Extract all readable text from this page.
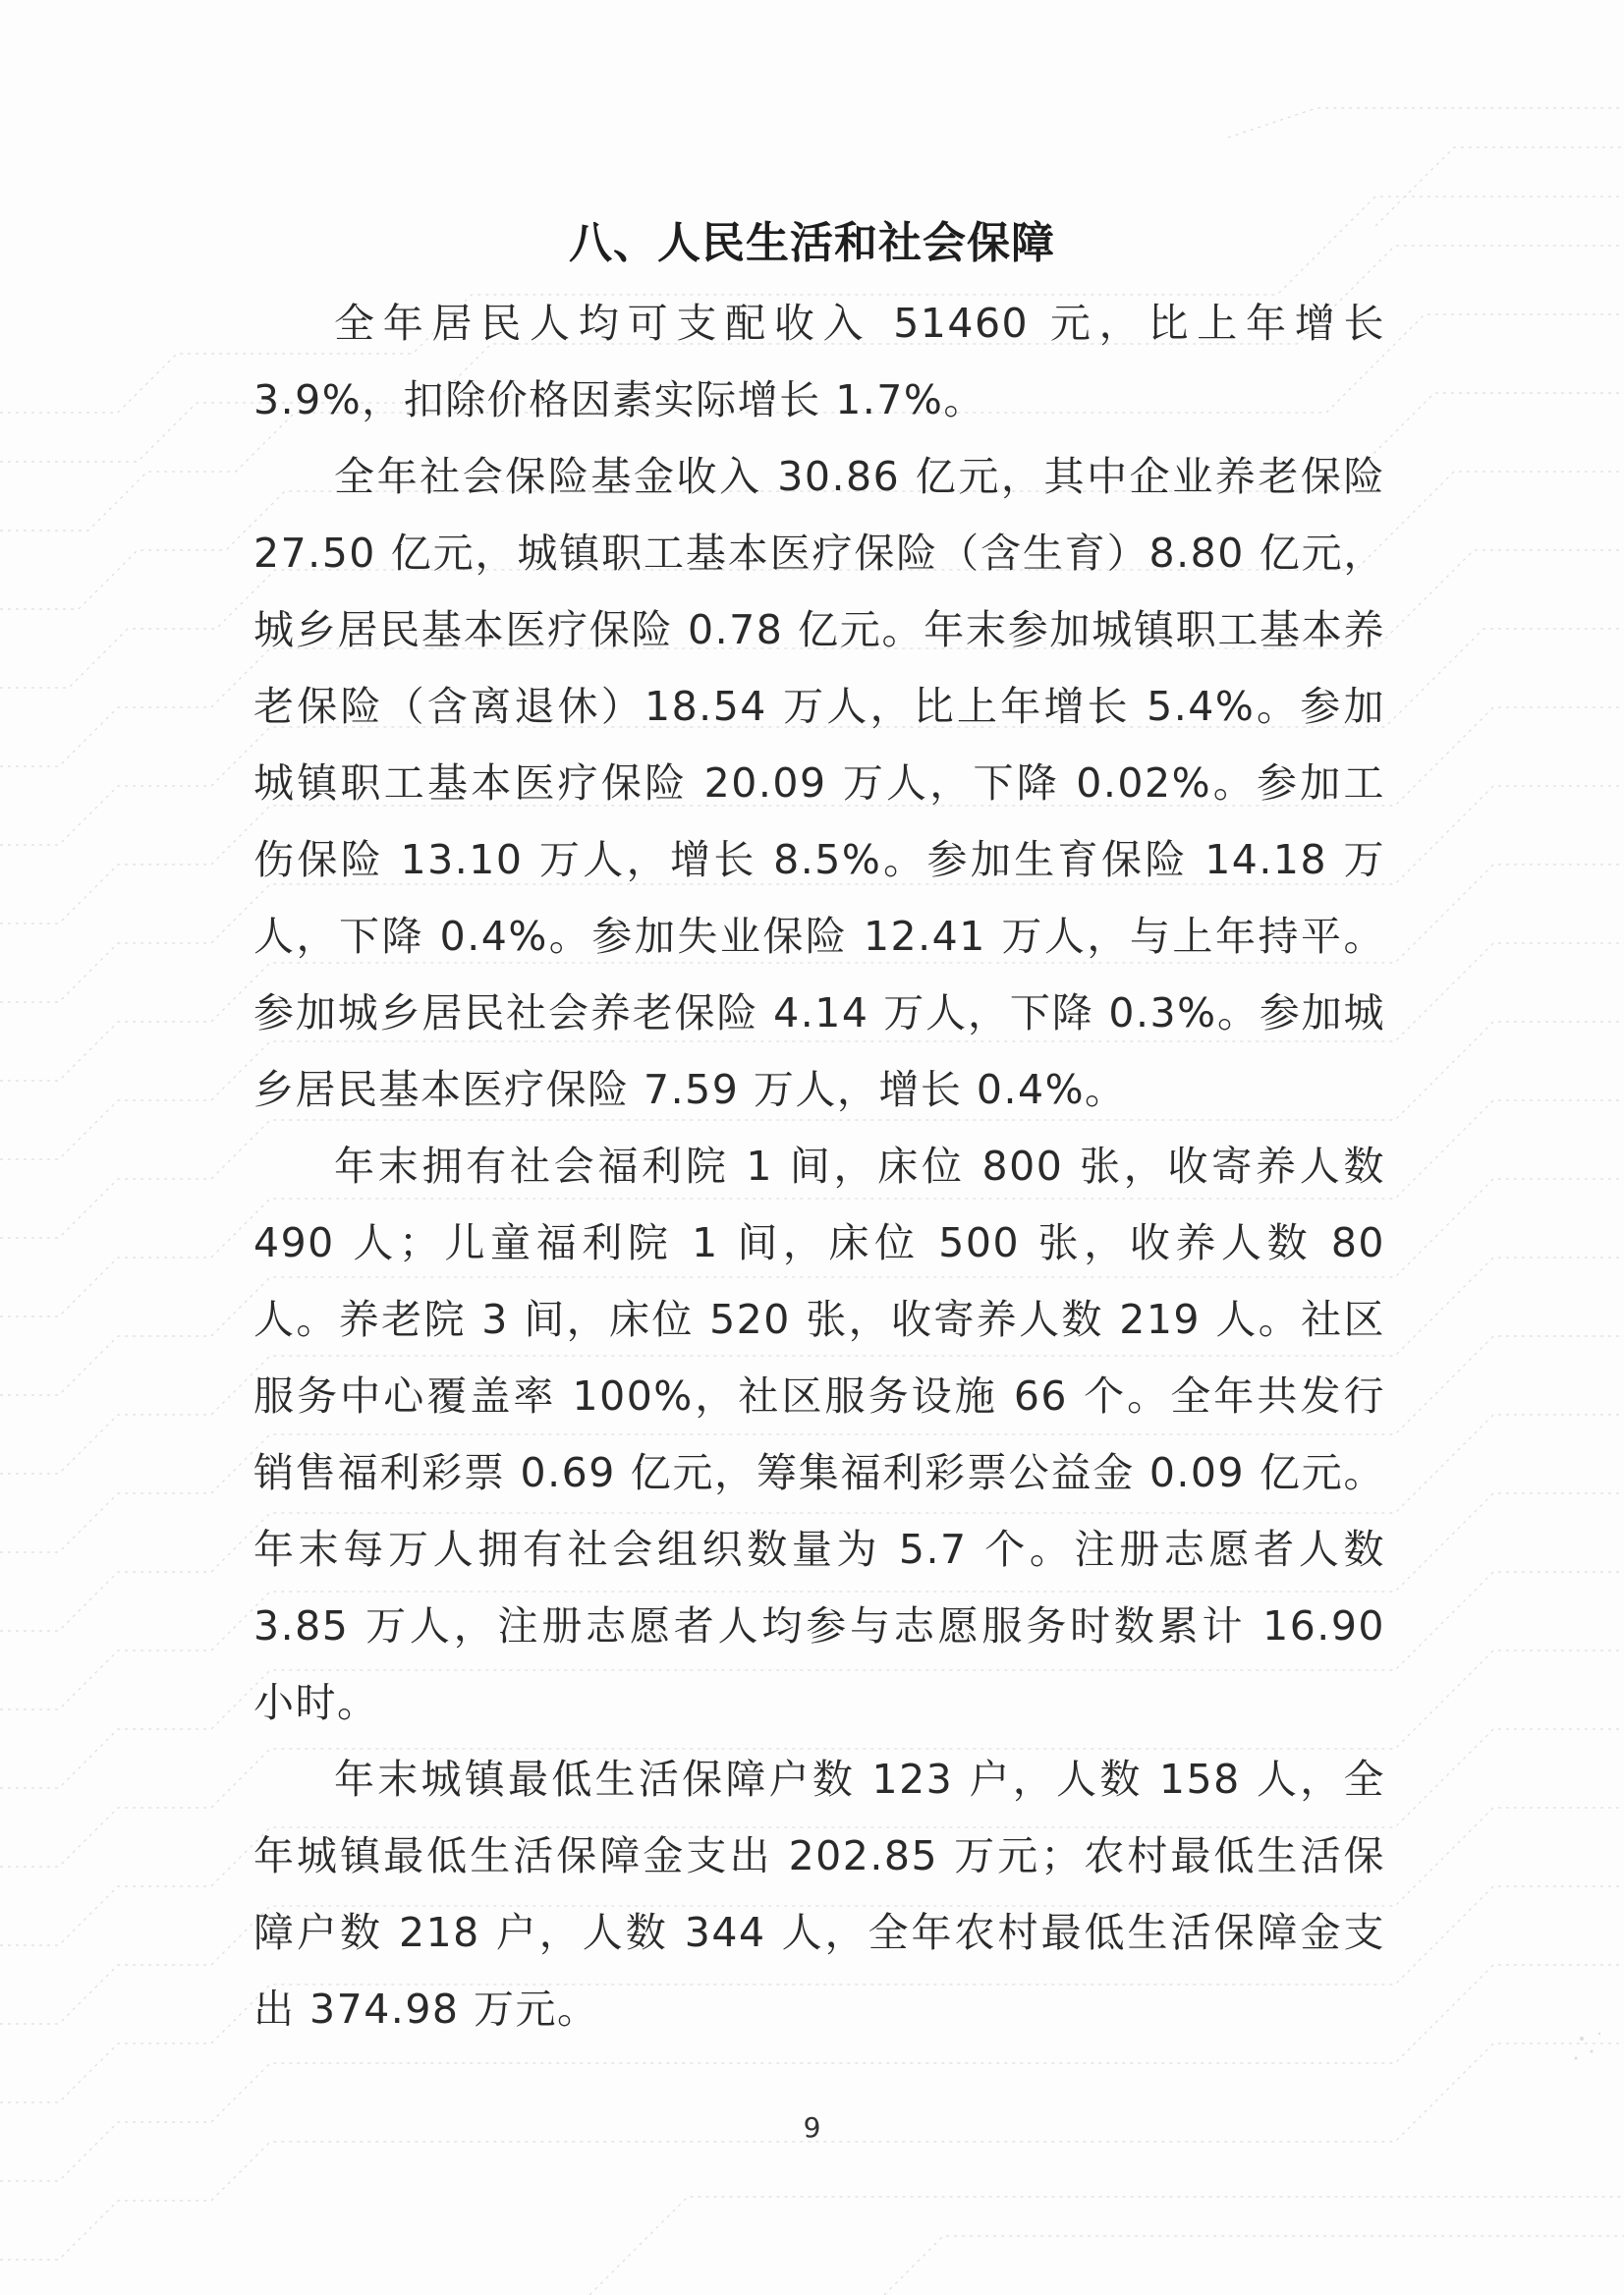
八、人民生活和社会保障

全年居民人均可支配收入 51460 元，比上年增长 3.9%，扣除价格因素实际增长 1.7%。

全年社会保险基金收入 30.86 亿元，其中企业养老保险 27.50 亿元，城镇职工基本医疗保险（含生育）8.80 亿元，城乡居民基本医疗保险 0.78 亿元。年末参加城镇职工基本养老保险（含离退休）18.54 万人，比上年增长 5.4%。参加城镇职工基本医疗保险 20.09 万人，下降 0.02%。参加工伤保险 13.10 万人，增长 8.5%。参加生育保险 14.18 万人，下降 0.4%。参加失业保险 12.41 万人，与上年持平。参加城乡居民社会养老保险 4.14 万人，下降 0.3%。参加城乡居民基本医疗保险 7.59 万人，增长 0.4%。

年末拥有社会福利院 1 间，床位 800 张，收寄养人数 490 人；儿童福利院 1 间，床位 500 张，收养人数 80 人。养老院 3 间，床位 520 张，收寄养人数 219 人。社区服务中心覆盖率 100%，社区服务设施 66 个。全年共发行销售福利彩票 0.69 亿元，筹集福利彩票公益金 0.09 亿元。年末每万人拥有社会组织数量为 5.7 个。注册志愿者人数 3.85 万人，注册志愿者人均参与志愿服务时数累计 16.90 小时。

年末城镇最低生活保障户数 123 户，人数 158 人，全年城镇最低生活保障金支出 202.85 万元；农村最低生活保障户数 218 户，人数 344 人，全年农村最低生活保障金支出 374.98 万元。

9
